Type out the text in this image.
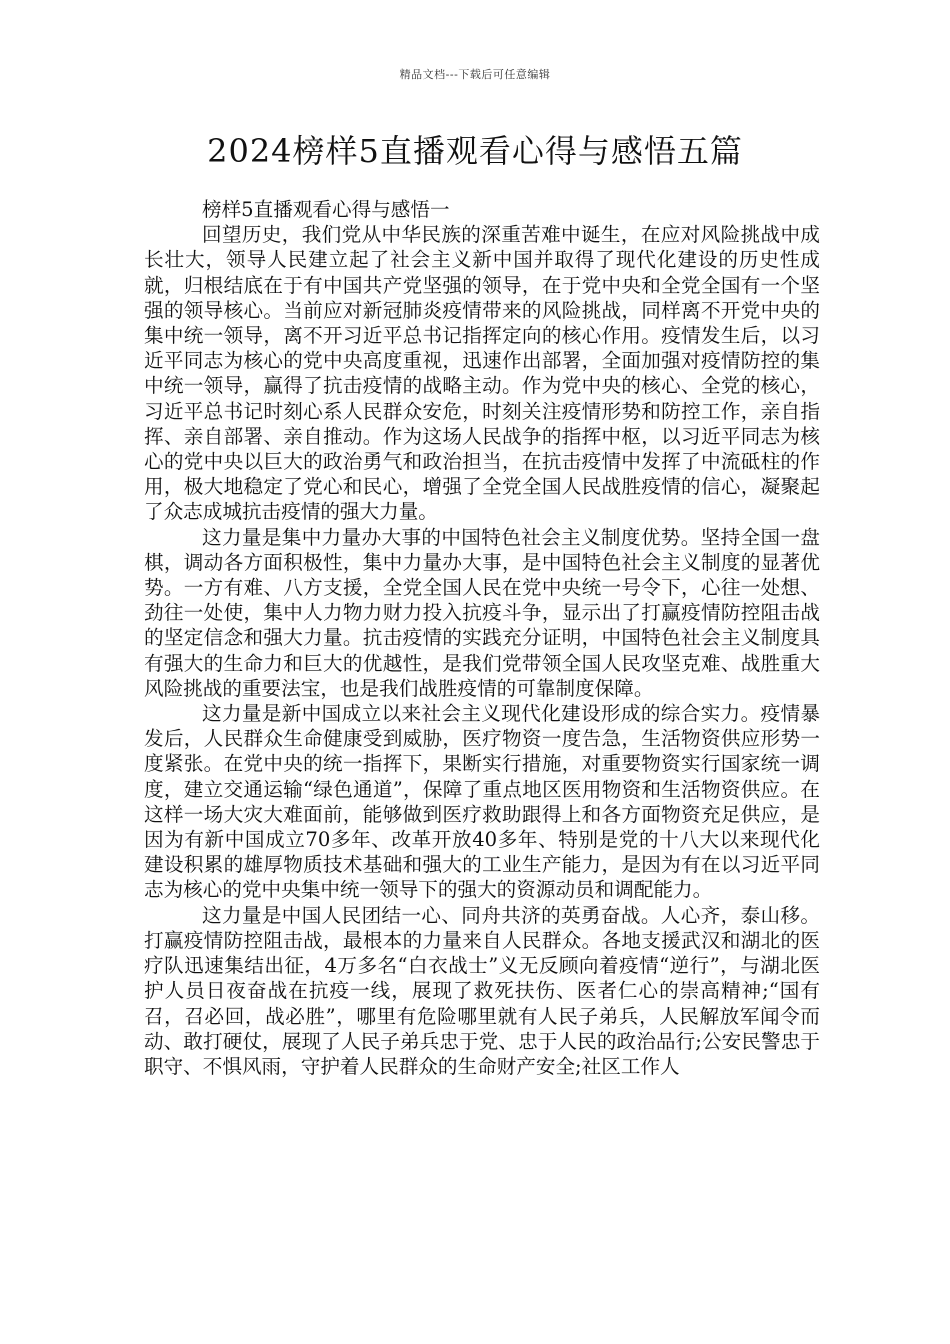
精品文档---下载后可任意编辑
2024榜样5直播观看心得与感悟五篇

榜样5直播观看心得与感悟一

回望历史，我们党从中华民族的深重苦难中诞生，在应对风险挑战中成长壮大，领导人民建立起了社会主义新中国并取得了现代化建设的历史性成就，归根结底在于有中国共产党坚强的领导，在于党中央和全党全国有一个坚强的领导核心。当前应对新冠肺炎疫情带来的风险挑战，同样离不开党中央的集中统一领导，离不开习近平总书记指挥定向的核心作用。疫情发生后，以习近平同志为核心的党中央高度重视，迅速作出部署，全面加强对疫情防控的集中统一领导，赢得了抗击疫情的战略主动。作为党中央的核心、全党的核心，习近平总书记时刻心系人民群众安危，时刻关注疫情形势和防控工作，亲自指挥、亲自部署、亲自推动。作为这场人民战争的指挥中枢，以习近平同志为核心的党中央以巨大的政治勇气和政治担当，在抗击疫情中发挥了中流砥柱的作用，极大地稳定了党心和民心，增强了全党全国人民战胜疫情的信心，凝聚起了众志成城抗击疫情的强大力量。

这力量是集中力量办大事的中国特色社会主义制度优势。坚持全国一盘棋，调动各方面积极性，集中力量办大事，是中国特色社会主义制度的显著优势。一方有难、八方支援，全党全国人民在党中央统一号令下，心往一处想、劲往一处使，集中人力物力财力投入抗疫斗争，显示出了打赢疫情防控阻击战的坚定信念和强大力量。抗击疫情的实践充分证明，中国特色社会主义制度具有强大的生命力和巨大的优越性，是我们党带领全国人民攻坚克难、战胜重大风险挑战的重要法宝，也是我们战胜疫情的可靠制度保障。

这力量是新中国成立以来社会主义现代化建设形成的综合实力。疫情暴发后，人民群众生命健康受到威胁，医疗物资一度告急，生活物资供应形势一度紧张。在党中央的统一指挥下，果断实行措施，对重要物资实行国家统一调度，建立交通运输“绿色通道”，保障了重点地区医用物资和生活物资供应。在这样一场大灾大难面前，能够做到医疗救助跟得上和各方面物资充足供应，是因为有新中国成立70多年、改革开放40多年、特别是党的十八大以来现代化建设积累的雄厚物质技术基础和强大的工业生产能力，是因为有在以习近平同志为核心的党中央集中统一领导下的强大的资源动员和调配能力。

这力量是中国人民团结一心、同舟共济的英勇奋战。人心齐，泰山移。打赢疫情防控阻击战，最根本的力量来自人民群众。各地支援武汉和湖北的医疗队迅速集结出征，4万多名“白衣战士”义无反顾向着疫情“逆行”，与湖北医护人员日夜奋战在抗疫一线，展现了救死扶伤、医者仁心的崇高精神;“国有召，召必回，战必胜”，哪里有危险哪里就有人民子弟兵，人民解放军闻令而动、敢打硬仗，展现了人民子弟兵忠于党、忠于人民的政治品行;公安民警忠于职守、不惧风雨，守护着人民群众的生命财产安全;社区工作人
